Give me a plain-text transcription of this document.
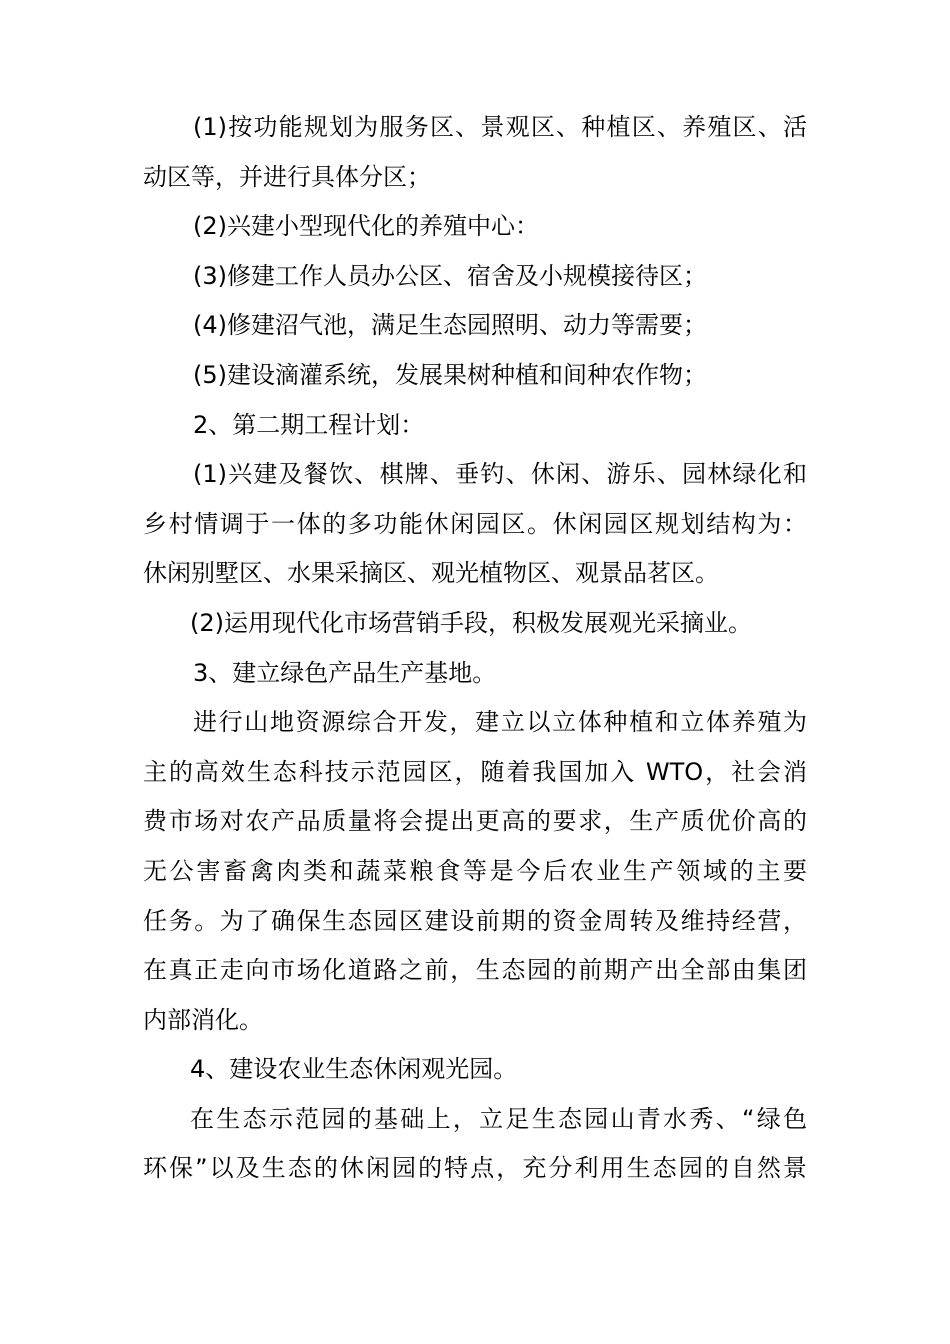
(1)按功能规划为服务区、景观区、种植区、养殖区、活
动区等，并进行具体分区；
(2)兴建小型现代化的养殖中心：
(3)修建工作人员办公区、宿舍及小规模接待区；
(4)修建沼气池，满足生态园照明、动力等需要；
(5)建设滴灌系统，发展果树种植和间种农作物；
2、第二期工程计划：
(1)兴建及餐饮、棋牌、垂钓、休闲、游乐、园林绿化和
乡村情调于一体的多功能休闲园区。休闲园区规划结构为：
休闲别墅区、水果采摘区、观光植物区、观景品茗区。
(2)运用现代化市场营销手段，积极发展观光采摘业。
3、建立绿色产品生产基地。
进行山地资源综合开发，建立以立体种植和立体养殖为
主的高效生态科技示范园区，随着我国加入 WTO，社会消
费市场对农产品质量将会提出更高的要求，生产质优价高的
无公害畜禽肉类和蔬菜粮食等是今后农业生产领域的主要
任务。为了确保生态园区建设前期的资金周转及维持经营，
在真正走向市场化道路之前，生态园的前期产出全部由集团
内部消化。
4、建设农业生态休闲观光园。
在生态示范园的基础上，立足生态园山青水秀、“绿色
环保”以及生态的休闲园的特点，充分利用生态园的自然景
